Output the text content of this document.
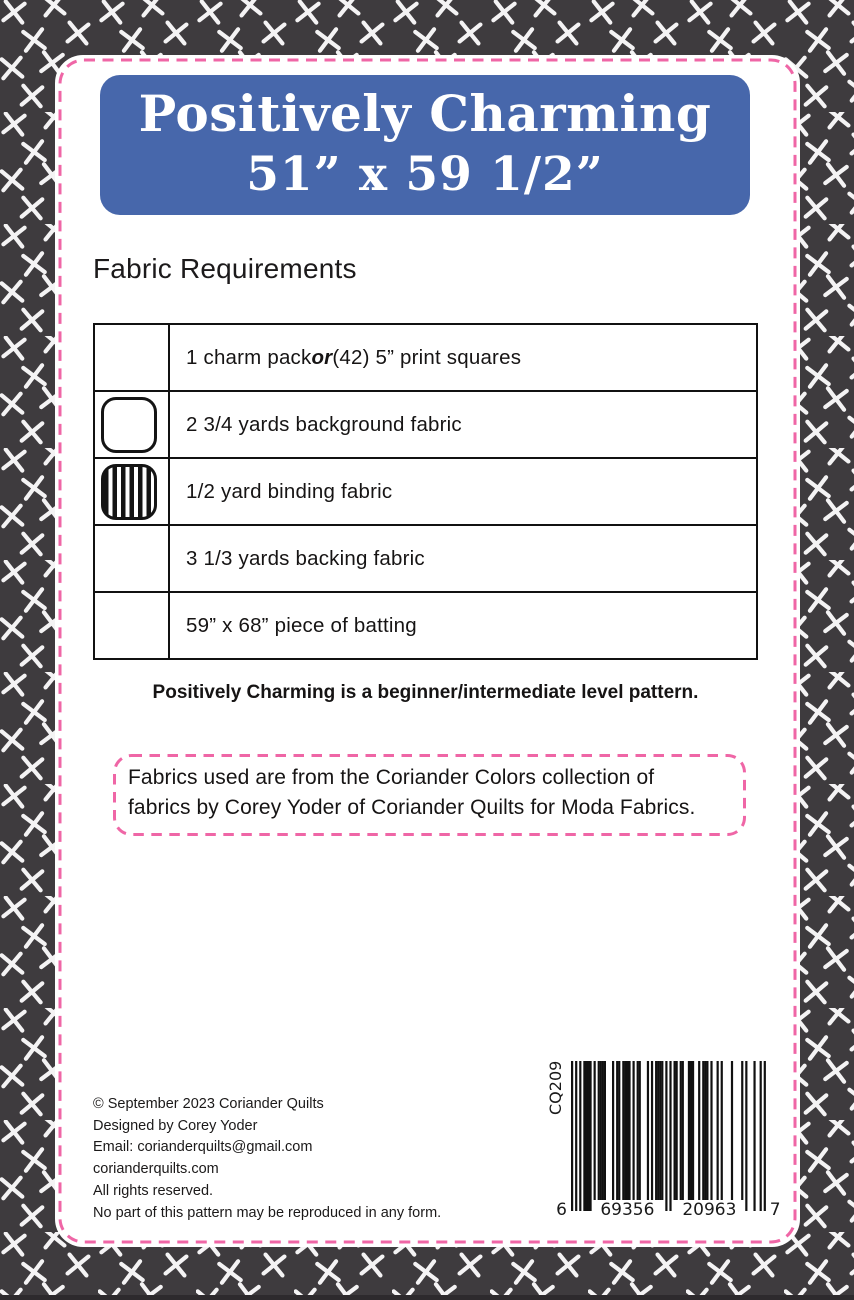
Positively Charming
51” x 59 1/2”
Fabric Requirements
1 charm pack or (42) 5” print squares
2 3/4 yards background fabric
1/2 yard binding fabric
3 1/3 yards backing fabric
59” x 68” piece of batting
Positively Charming is a beginner/intermediate level pattern.
Fabrics used are from the Coriander Colors collection of
fabrics by Corey Yoder of Coriander Quilts for Moda Fabrics.
© September 2023 Coriander Quilts
Designed by Corey Yoder
Email: corianderquilts@gmail.com
corianderquilts.com
All rights reserved.
No part of this pattern may be reproduced in any form.
CQ209
6 69356 20963 7
